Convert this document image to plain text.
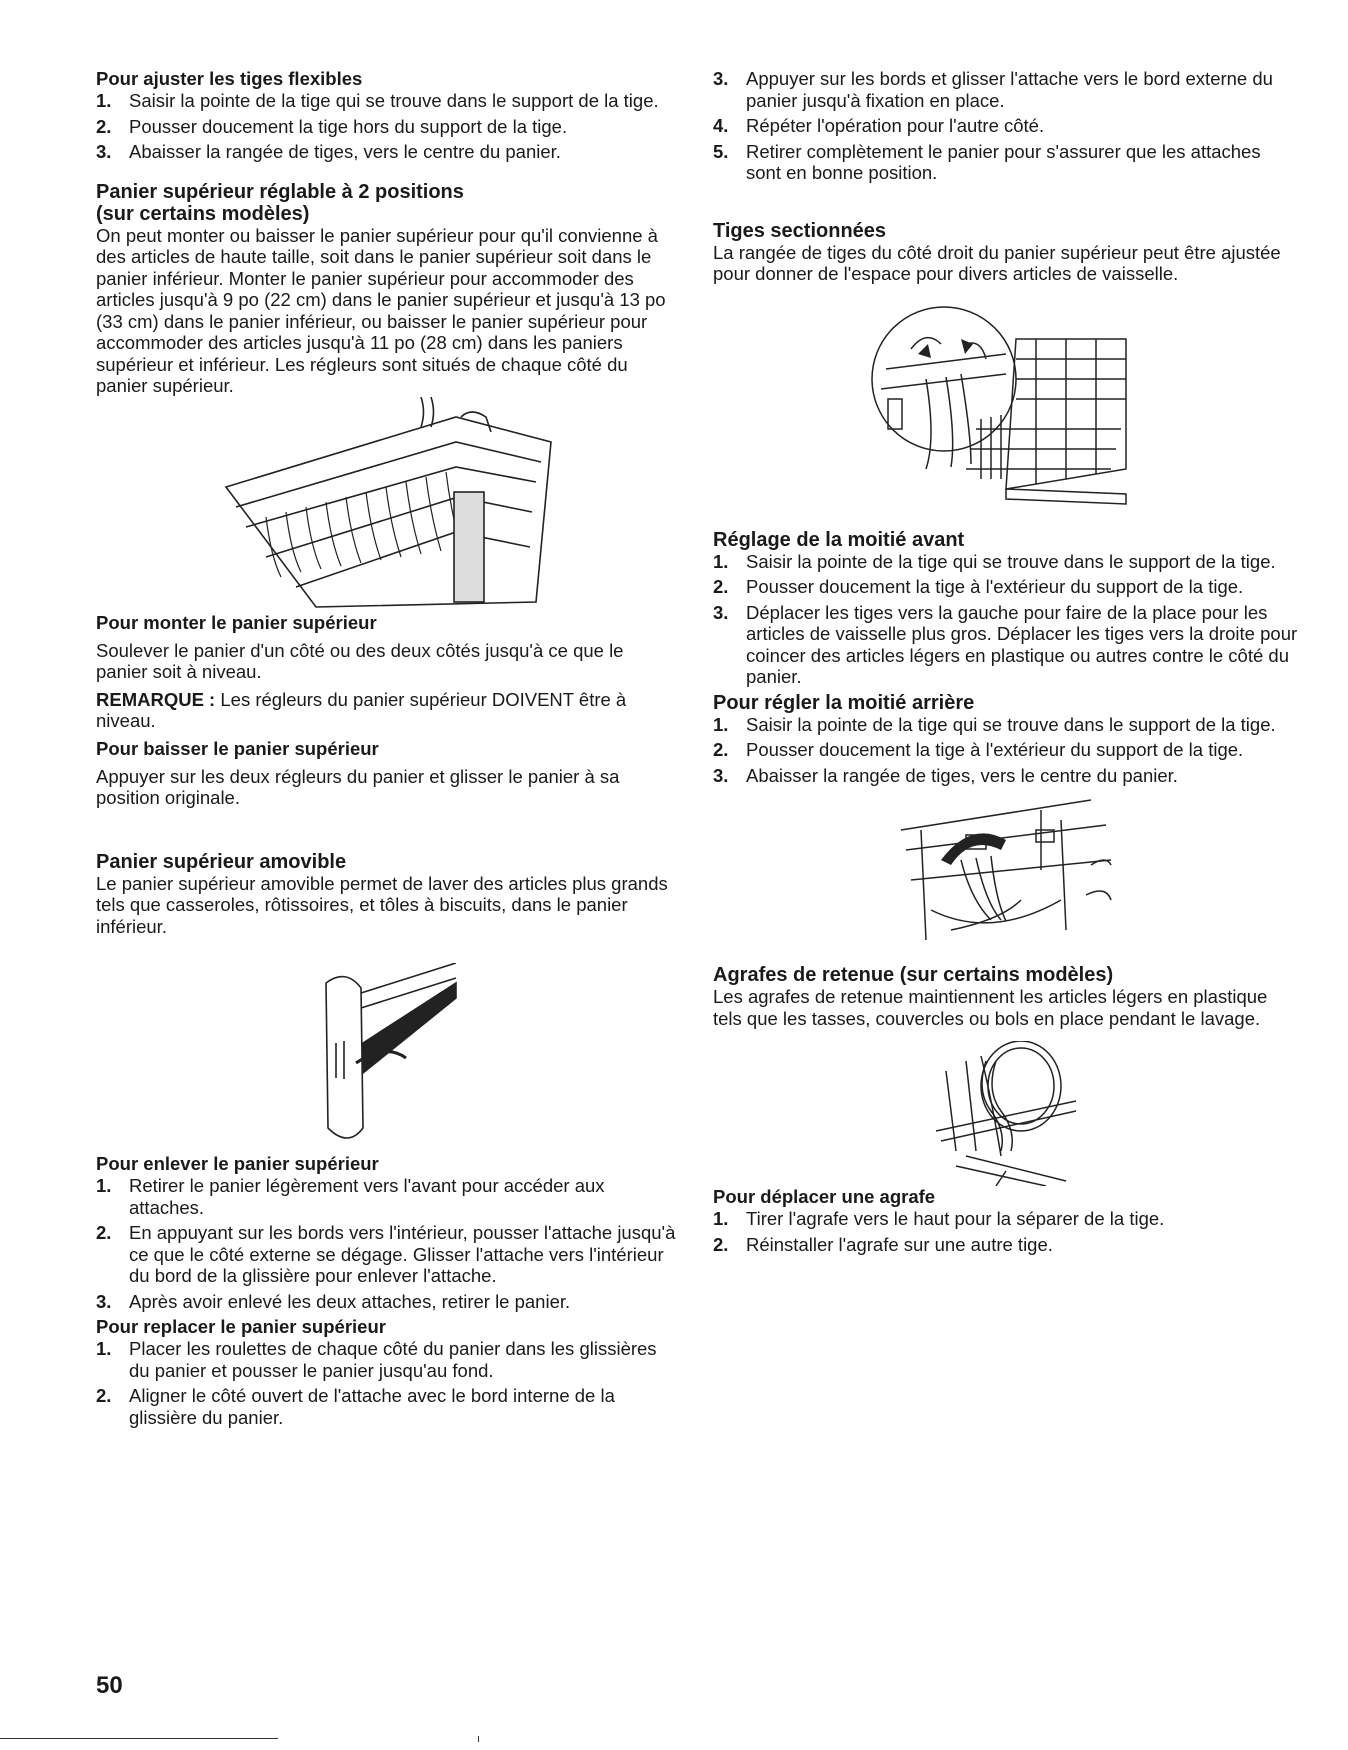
Pour ajuster les tiges flexibles
1. Saisir la pointe de la tige qui se trouve dans le support de la tige.
2. Pousser doucement la tige hors du support de la tige.
3. Abaisser la rangée de tiges, vers le centre du panier.
Panier supérieur réglable à 2 positions
(sur certains modèles)

On peut monter ou baisser le panier supérieur pour qu'il convienne à des articles de haute taille, soit dans le panier supérieur soit dans le panier inférieur. Monter le panier supérieur pour accommoder des articles jusqu'à 9 po (22 cm) dans le panier supérieur et jusqu'à 13 po (33 cm) dans le panier inférieur, ou baisser le panier supérieur pour accommoder des articles jusqu'à 11 po (28 cm) dans les paniers supérieur et inférieur. Les régleurs sont situés de chaque côté du panier supérieur.

Pour monter le panier supérieur

Soulever le panier d'un côté ou des deux côtés jusqu'à ce que le panier soit à niveau.

REMARQUE : Les régleurs du panier supérieur DOIVENT être à niveau.

Pour baisser le panier supérieur

Appuyer sur les deux régleurs du panier et glisser le panier à sa position originale.

Panier supérieur amovible

Le panier supérieur amovible permet de laver des articles plus grands tels que casseroles, rôtissoires, et tôles à biscuits, dans le panier inférieur.

Pour enlever le panier supérieur
1. Retirer le panier légèrement vers l'avant pour accéder aux attaches.
2. En appuyant sur les bords vers l'intérieur, pousser l'attache jusqu'à ce que le côté externe se dégage. Glisser l'attache vers l'intérieur du bord de la glissière pour enlever l'attache.
3. Après avoir enlevé les deux attaches, retirer le panier.
Pour replacer le panier supérieur
1. Placer les roulettes de chaque côté du panier dans les glissières du panier et pousser le panier jusqu'au fond.
2. Aligner le côté ouvert de l'attache avec le bord interne de la glissière du panier.
3. Appuyer sur les bords et glisser l'attache vers le bord externe du panier jusqu'à fixation en place.
4. Répéter l'opération pour l'autre côté.
5. Retirer complètement le panier pour s'assurer que les attaches sont en bonne position.
Tiges sectionnées

La rangée de tiges du côté droit du panier supérieur peut être ajustée pour donner de l'espace pour divers articles de vaisselle.

Réglage de la moitié avant
1. Saisir la pointe de la tige qui se trouve dans le support de la tige.
2. Pousser doucement la tige à l'extérieur du support de la tige.
3. Déplacer les tiges vers la gauche pour faire de la place pour les articles de vaisselle plus gros. Déplacer les tiges vers la droite pour coincer des articles légers en plastique ou autres contre le côté du panier.
Pour régler la moitié arrière
1. Saisir la pointe de la tige qui se trouve dans le support de la tige.
2. Pousser doucement la tige à l'extérieur du support de la tige.
3. Abaisser la rangée de tiges, vers le centre du panier.
Agrafes de retenue (sur certains modèles)

Les agrafes de retenue maintiennent les articles légers en plastique tels que les tasses, couvercles ou bols en place pendant le lavage.

Pour déplacer une agrafe
1. Tirer l'agrafe vers le haut pour la séparer de la tige.
2. Réinstaller l'agrafe sur une autre tige.
50
